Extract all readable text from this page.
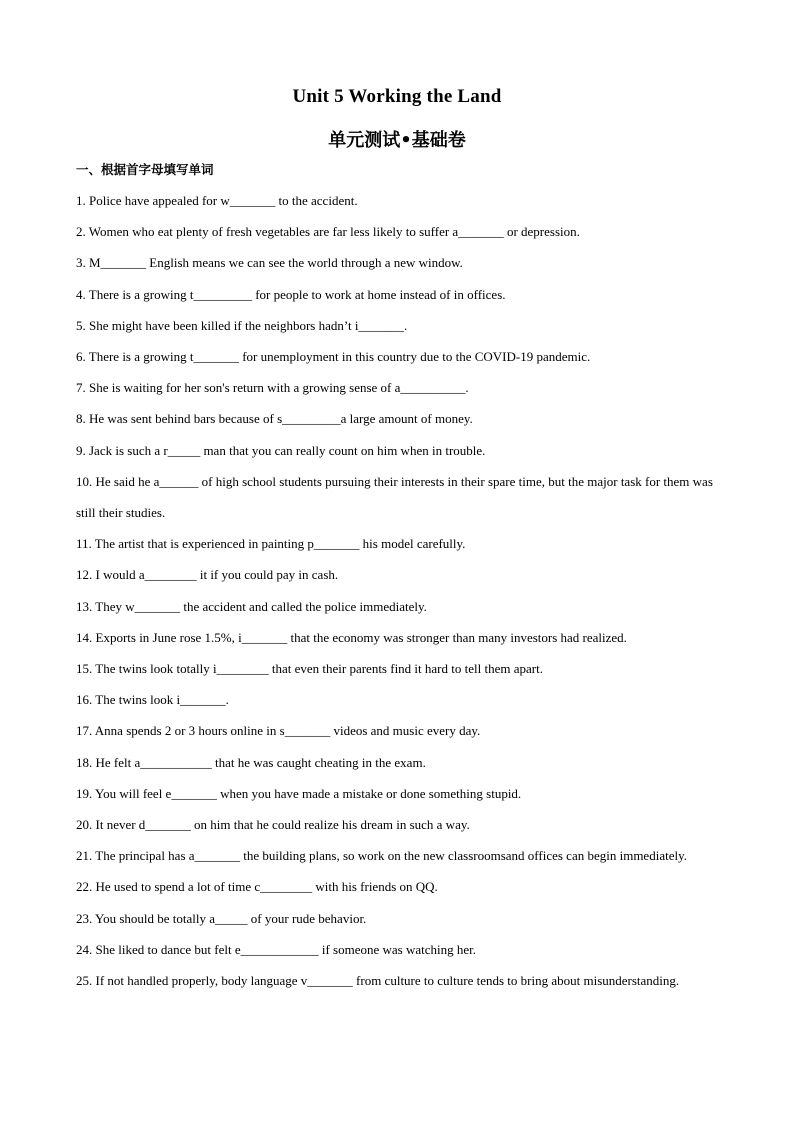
Unit 5 Working the Land
单元测试•基础卷
一、根据首字母填写单词
1. Police have appealed for w_______ to the accident.
2. Women who eat plenty of fresh vegetables are far less likely to suffer a_______ or depression.
3. M_______ English means we can see the world through a new window.
4. There is a growing t_________ for people to work at home instead of in offices.
5. She might have been killed if the neighbors hadn’t i_______.
6. There is a growing t_______ for unemployment in this country due to the COVID-19 pandemic.
7. She is waiting for her son's return with a growing sense of a__________.
8. He was sent behind bars because of s_________a large amount of money.
9. Jack is such a r_____ man that you can really count on him when in trouble.
10. He said he a______ of high school students pursuing their interests in their spare time, but the major task for them was still their studies.
11. The artist that is experienced in painting p_______ his model carefully.
12. I would a________ it if you could pay in cash.
13. They w_______ the accident and called the police immediately.
14. Exports in June rose 1.5%, i_______ that the economy was stronger than many investors had realized.
15. The twins look totally i________ that even their parents find it hard to tell them apart.
16. The twins look i_______.
17. Anna spends 2 or 3 hours online in s_______ videos and music every day.
18. He felt a___________ that he was caught cheating in the exam.
19. You will feel e_______ when you have made a mistake or done something stupid.
20. It never d_______ on him that he could realize his dream in such a way.
21. The principal has a_______ the building plans, so work on the new classroomsand offices can begin immediately.
22. He used to spend a lot of time c________ with his friends on QQ.
23. You should be totally a_____ of your rude behavior.
24. She liked to dance but felt e____________ if someone was watching her.
25. If not handled properly, body language v_______ from culture to culture tends to bring about misunderstanding.
